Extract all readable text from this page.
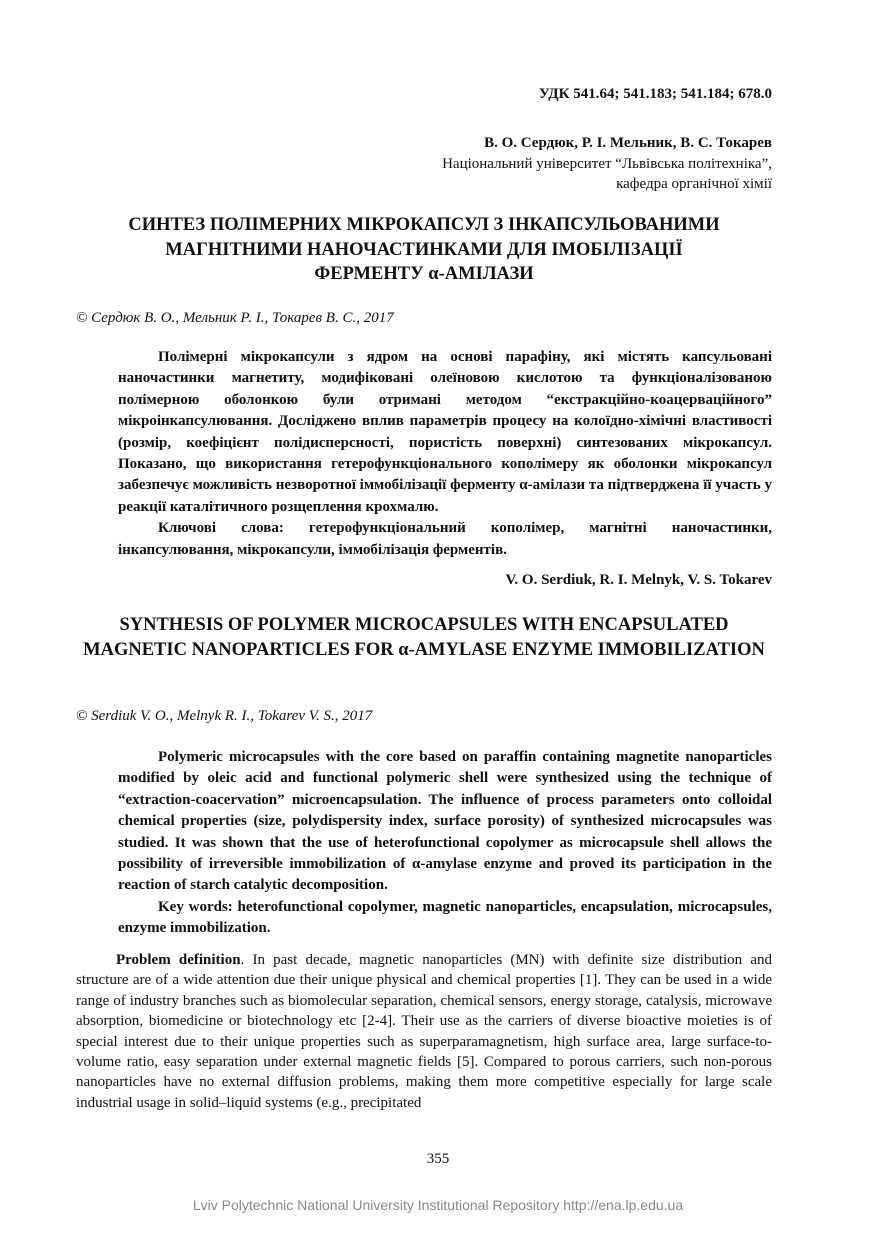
УДК 541.64; 541.183; 541.184; 678.0
В. О. Сердюк, Р. І. Мельник, В. С. Токарев
Національний університет “Львівська політехніка”,
кафедра органічної хімії
СИНТЕЗ ПОЛІМЕРНИХ МІКРОКАПСУЛ З ІНКАПСУЛЬОВАНИМИ МАГНІТНИМИ НАНОЧАСТИНКАМИ ДЛЯ ІМОБІЛІЗАЦІЇ ФЕРМЕНТУ α-АМІЛАЗИ
© Сердюк В. О., Мельник Р. І., Токарев В. С., 2017

Полімерні мікрокапсули з ядром на основі парафіну, які містять капсульовані наночастинки магнетиту, модифіковані олеїновою кислотою та функціоналізованою полімерною оболонкою були отримані методом “екстракційно-коацерваційного” мікроінкапсулювання. Досліджено вплив параметрів процесу на колоїдно-хімічні властивості (розмір, коефіцієнт полідисперсності, пористість поверхні) синтезованих мікрокапсул. Показано, що використання гетерофункціонального кополімеру як оболонки мікрокапсул забезпечує можливість незворотної іммобілізації ферменту α-амілази та підтверджена її участь у реакції каталітичного розщеплення крохмалю.

Ключові слова: гетерофункціональний кополімер, магнітні наночастинки, інкапсулювання, мікрокапсули, іммобілізація ферментів.

V. O. Serdiuk, R. I. Melnyk, V. S. Tokarev
SYNTHESIS OF POLYMER MICROCAPSULES WITH ENCAPSULATED MAGNETIC NANOPARTICLES FOR α-AMYLASE ENZYME IMMOBILIZATION
© Serdiuk V. O., Melnyk R. I., Tokarev V. S., 2017

Polymeric microcapsules with the core based on paraffin containing magnetite nanoparticles modified by oleic acid and functional polymeric shell were synthesized using the technique of “extraction-coacervation” microencapsulation. The influence of process parameters onto colloidal chemical properties (size, polydispersity index, surface porosity) of synthesized microcapsules was studied. It was shown that the use of heterofunctional copolymer as microcapsule shell allows the possibility of irreversible immobilization of α-amylase enzyme and proved its participation in the reaction of starch catalytic decomposition.

Key words: heterofunctional copolymer, magnetic nanoparticles, encapsulation, microcapsules, enzyme immobilization.

Problem definition. In past decade, magnetic nanoparticles (MN) with definite size distribution and structure are of a wide attention due their unique physical and chemical properties [1]. They can be used in a wide range of industry branches such as biomolecular separation, chemical sensors, energy storage, catalysis, microwave absorption, biomedicine or biotechnology etc [2-4]. Their use as the carriers of diverse bioactive moieties is of special interest due to their unique properties such as superparamagnetism, high surface area, large surface-to-volume ratio, easy separation under external magnetic fields [5]. Compared to porous carriers, such non-porous nanoparticles have no external diffusion problems, making them more competitive especially for large scale industrial usage in solid–liquid systems (e.g., precipitated

355
Lviv Polytechnic National University Institutional Repository http://ena.lp.edu.ua
